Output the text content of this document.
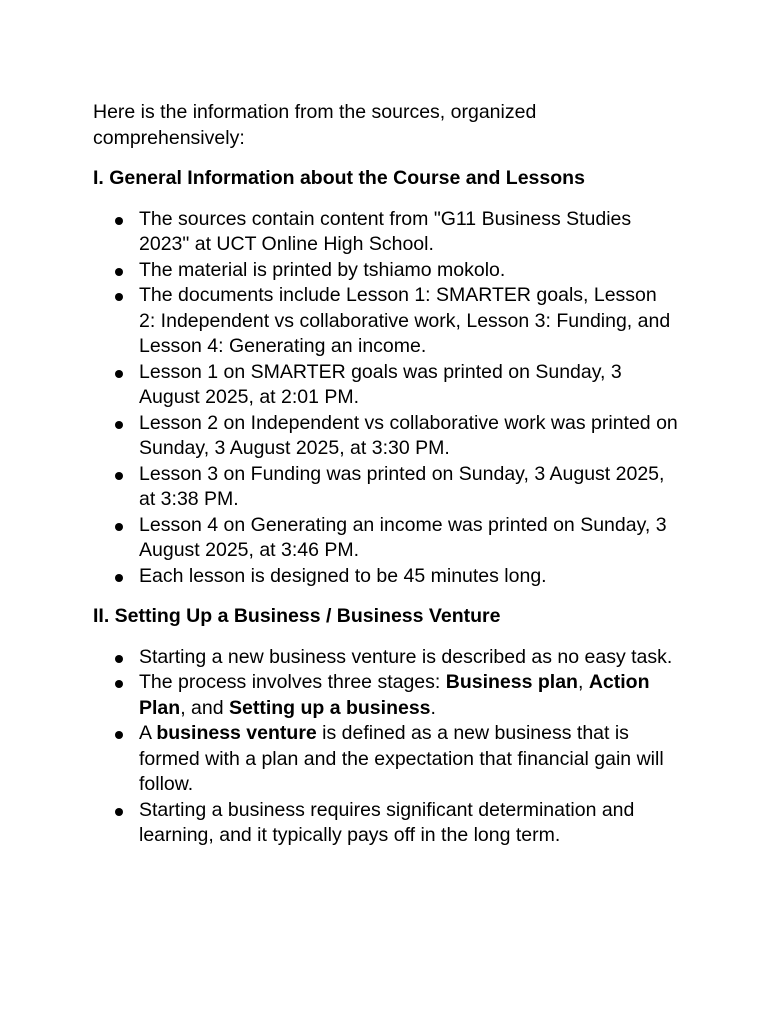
Here is the information from the sources, organized comprehensively:

I. General Information about the Course and Lessons

The sources contain content from "G11 Business Studies 2023" at UCT Online High School.
The material is printed by tshiamo mokolo.
The documents include Lesson 1: SMARTER goals, Lesson 2: Independent vs collaborative work, Lesson 3: Funding, and Lesson 4: Generating an income.
Lesson 1 on SMARTER goals was printed on Sunday, 3 August 2025, at 2:01 PM.
Lesson 2 on Independent vs collaborative work was printed on Sunday, 3 August 2025, at 3:30 PM.
Lesson 3 on Funding was printed on Sunday, 3 August 2025, at 3:38 PM.
Lesson 4 on Generating an income was printed on Sunday, 3 August 2025, at 3:46 PM.
Each lesson is designed to be 45 minutes long.

II. Setting Up a Business / Business Venture

Starting a new business venture is described as no easy task.
The process involves three stages: Business plan, Action Plan, and Setting up a business.
A business venture is defined as a new business that is formed with a plan and the expectation that financial gain will follow.
Starting a business requires significant determination and learning, and it typically pays off in the long term.
